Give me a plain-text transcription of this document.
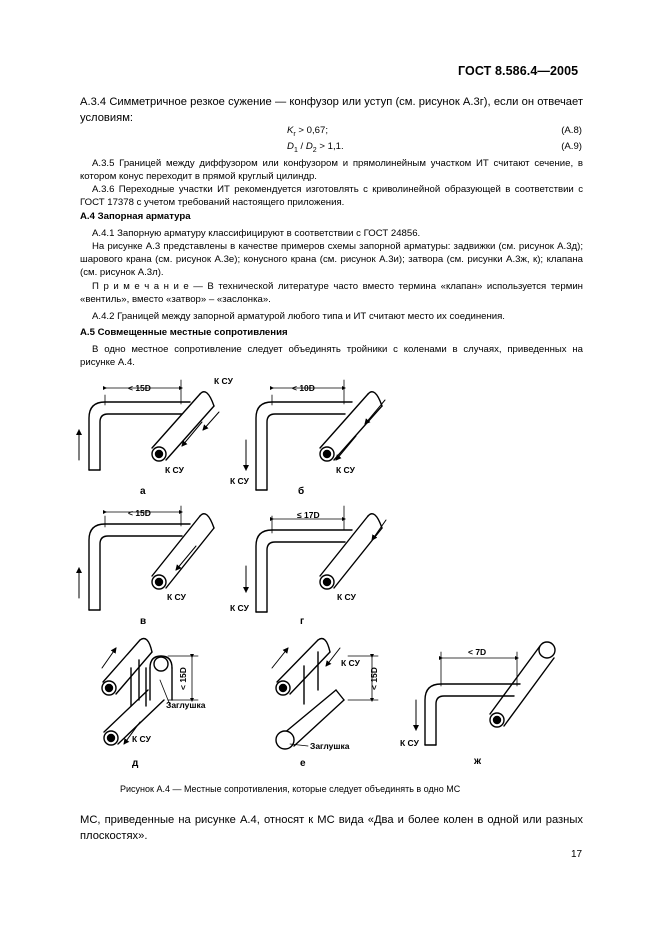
ГОСТ 8.586.4—2005
А.3.4 Симметричное резкое сужение — конфузор или уступ (см. рисунок А.3г), если он отвечает условиям:
$K_r > 0,67$;	(А.8)
$D_1 / D_2 > 1,1$.	(А.9)
А.3.5 Границей между диффузором или конфузором и прямолинейным участком ИТ считают сечение, в котором конус переходит в прямой круглый цилиндр.
А.3.6 Переходные участки ИТ рекомендуется изготовлять с криволинейной образующей в соответствии с ГОСТ 17378 с учетом требований настоящего приложения.
А.4 Запорная арматура
А.4.1 Запорную арматуру классифицируют в соответствии с ГОСТ 24856.
На рисунке А.3 представлены в качестве примеров схемы запорной арматуры: задвижки (см. рисунок А.3д); шарового крана (см. рисунок А.3е); конусного крана (см. рисунок А.3и); затвора (см. рисунки А.3ж, к); клапана (см. рисунок А.3л).
П р и м е ч а н и е — В технической литературе часто вместо термина «клапан» используется термин «вентиль», вместо «затвор» – «заслонка».
А.4.2 Границей между запорной арматурой любого типа и ИТ считают место их соединения.
А.5 Совмещенные местные сопротивления
В одно местное сопротивление следует объединять тройники с коленами в случаях, приведенных на рисунке А.4.
< 15D
К СУ
К СУ
а
< 10D
К СУ
К СУ
б
< 15D
К СУ
в
≤ 17D
К СУ
К СУ
г
< 15D
Заглушка
К СУ
д
К СУ
< 15D
Заглушка
е
< 7D
К СУ
ж
Рисунок А.4 — Местные сопротивления, которые следует объединять в одно МС
МС, приведенные на рисунке А.4, относят к МС вида «Два и более колен в одной или разных плоскостях».
17
